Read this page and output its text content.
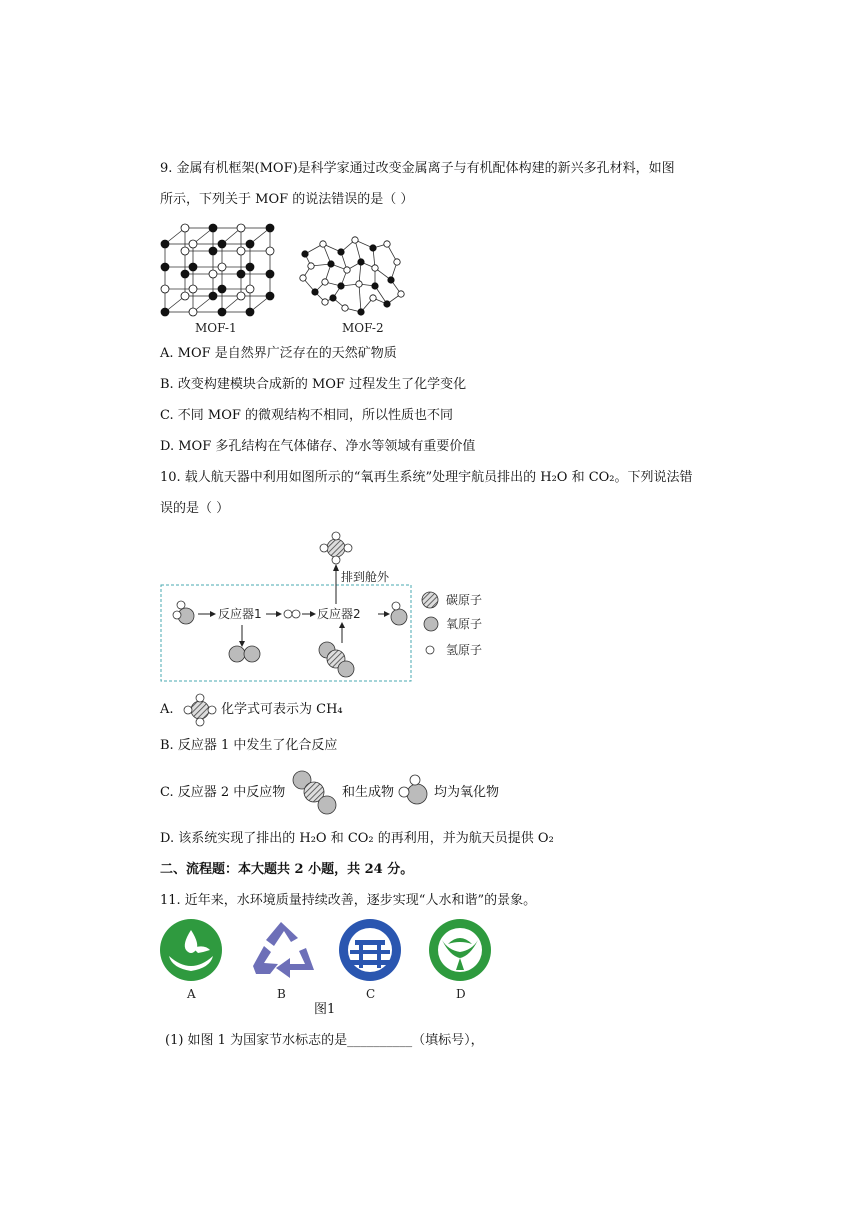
9. 金属有机框架(MOF)是科学家通过改变金属离子与有机配体构建的新兴多孔材料，如图
所示，下列关于 MOF 的说法错误的是（ ）
MOF-1	MOF-2
A. MOF 是自然界广泛存在的天然矿物质
B. 改变构建模块合成新的 MOF 过程发生了化学变化
C. 不同 MOF 的微观结构不相同，所以性质也不同
D. MOF 多孔结构在气体储存、净水等领域有重要价值
10. 载人航天器中利用如图所示的“氧再生系统”处理宇航员排出的 H₂O 和 CO₂。下列说法错
误的是（ ）
排到舱外
反应器1	反应器2
碳原子
氧原子
氢原子
A.	化学式可表示为 CH₄
B. 反应器 1 中发生了化合反应
C. 反应器 2 中反应物	和生成物	均为氧化物
D. 该系统实现了排出的 H₂O 和 CO₂ 的再利用，并为航天员提供 O₂
二、流程题：本大题共 2 小题，共 24 分。
11. 近年来，水环境质量持续改善，逐步实现“人水和谐”的景象。
A	B	C	D
图1
(1) 如图 1 为国家节水标志的是__________（填标号），
